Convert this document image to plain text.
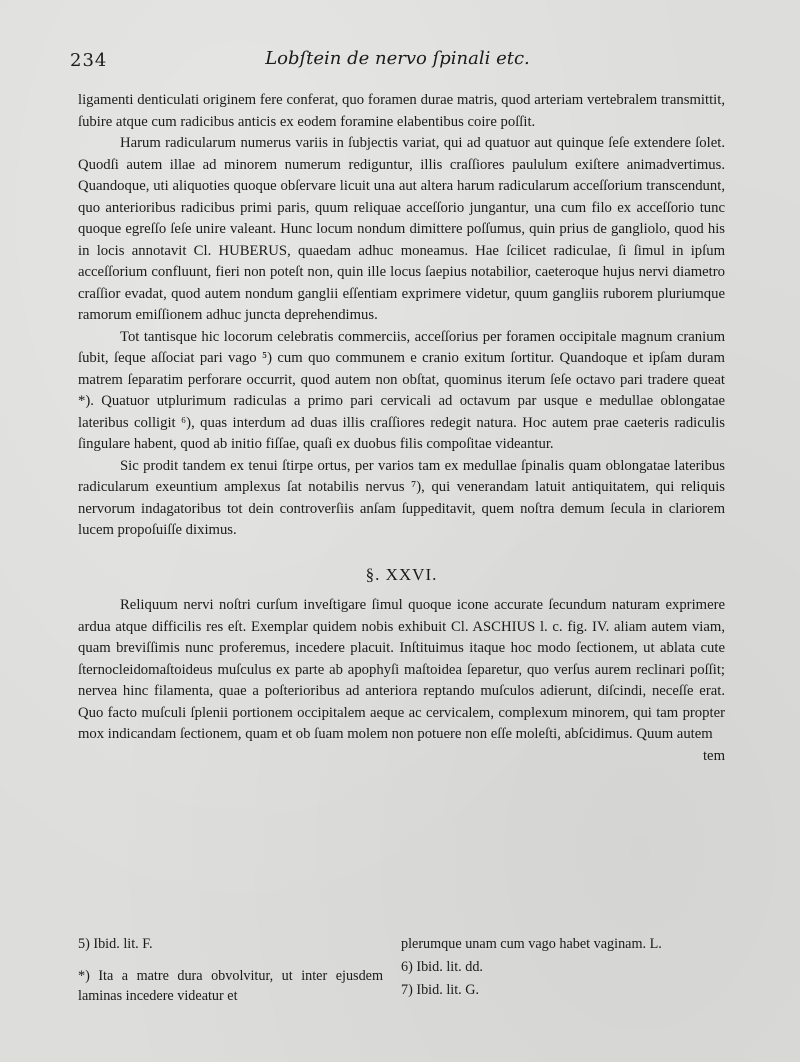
234	Lobſtein de nervo ſpinali etc.

ligamenti denticulati originem fere conferat, quo foramen durae matris, quod arteriam vertebralem transmittit, ſubire atque cum radicibus anticis ex eodem foramine elabentibus coire poſſit.

Harum radicularum numerus variis in ſubjectis variat, qui ad quatuor aut quinque ſeſe extendere ſolet. Quodſi autem illae ad minorem numerum rediguntur, illis craſſiores paululum exiſtere animadvertimus. Quandoque, uti aliquoties quoque obſervare licuit una aut altera harum radicularum acceſſorium transcendunt, quo anterioribus radicibus primi paris, quum reliquae acceſſorio jungantur, una cum filo ex acceſſorio tunc quoque egreſſo ſeſe unire valeant. Hunc locum nondum dimittere poſſumus, quin prius de gangliolo, quod his in locis annotavit Cl. HUBERUS, quaedam adhuc moneamus. Hae ſcilicet radiculae, ſi ſimul in ipſum acceſſorium confluunt, fieri non poteſt non, quin ille locus ſaepius notabilior, caeteroque hujus nervi diametro craſſior evadat, quod autem nondum ganglii eſſentiam exprimere videtur, quum gangliis ruborem pluriumque ramorum emiſſionem adhuc juncta deprehendimus.

Tot tantisque hic locorum celebratis commerciis, acceſſorius per foramen occipitale magnum cranium ſubit, ſeque aſſociat pari vago ⁵) cum quo communem e cranio exitum ſortitur. Quandoque et ipſam duram matrem ſeparatim perforare occurrit, quod autem non obſtat, quominus iterum ſeſe octavo pari tradere queat *). Quatuor utplurimum radiculas a primo pari cervicali ad octavum par usque e medullae oblongatae lateribus colligit ⁶), quas interdum ad duas illis craſſiores redegit natura. Hoc autem prae caeteris radiculis ſingulare habent, quod ab initio fiſſae, quaſi ex duobus filis compoſitae videantur.

Sic prodit tandem ex tenui ſtirpe ortus, per varios tam ex medullae ſpinalis quam oblongatae lateribus radicularum exeuntium amplexus ſat notabilis nervus ⁷), qui venerandam latuit antiquitatem, qui reliquis nervorum indagatoribus tot dein controverſiis anſam ſuppeditavit, quem noſtra demum ſecula in clariorem lucem propoſuiſſe diximus.

§. XXVI.

Reliquum nervi noſtri curſum inveſtigare ſimul quoque icone accurate ſecundum naturam exprimere ardua atque difficilis res eſt. Exemplar quidem nobis exhibuit Cl. ASCHIUS l. c. fig. IV. aliam autem viam, quam breviſſimis nunc proferemus, incedere placuit. Inſtituimus itaque hoc modo ſectionem, ut ablata cute ſternocleidomaſtoideus muſculus ex parte ab apophyſi maſtoidea ſeparetur, quo verſus aurem reclinari poſſit; nervea hinc filamenta, quae a poſterioribus ad anteriora reptando muſculos adierunt, diſcindi, neceſſe erat. Quo facto muſculi ſplenii portionem occipitalem aeque ac cervicalem, complexum minorem, qui tam propter mox indicandam ſectionem, quam et ob ſuam molem non potuere non eſſe moleſti, abſcidimus. Quum autem

tem

5) Ibid. lit. F.

*) Ita a matre dura obvolvitur, ut inter ejusdem laminas incedere videatur et

plerumque unam cum vago habet vaginam. L.

6) Ibid. lit. dd.

7) Ibid. lit. G.
